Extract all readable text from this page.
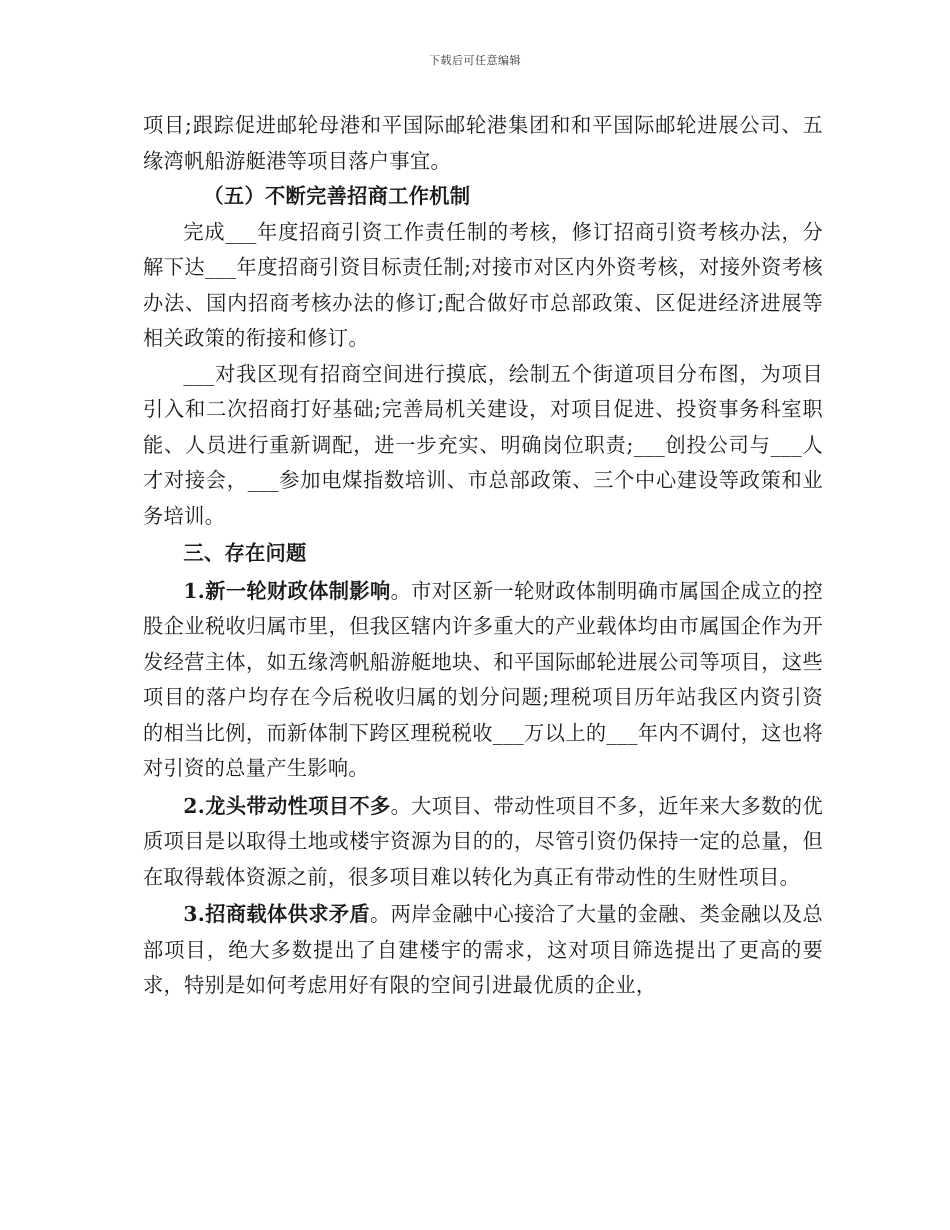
下载后可任意编辑

项目;跟踪促进邮轮母港和平国际邮轮港集团和和平国际邮轮进展公司、五缘湾帆船游艇港等项目落户事宜。

（五）不断完善招商工作机制

完成___年度招商引资工作责任制的考核，修订招商引资考核办法，分解下达___年度招商引资目标责任制;对接市对区内外资考核，对接外资考核办法、国内招商考核办法的修订;配合做好市总部政策、区促进经济进展等相关政策的衔接和修订。

___对我区现有招商空间进行摸底，绘制五个街道项目分布图，为项目引入和二次招商打好基础;完善局机关建设，对项目促进、投资事务科室职能、人员进行重新调配，进一步充实、明确岗位职责;___创投公司与___人才对接会，___参加电煤指数培训、市总部政策、三个中心建设等政策和业务培训。

三、存在问题

1.新一轮财政体制影响。市对区新一轮财政体制明确市属国企成立的控股企业税收归属市里，但我区辖内许多重大的产业载体均由市属国企作为开发经营主体，如五缘湾帆船游艇地块、和平国际邮轮进展公司等项目，这些项目的落户均存在今后税收归属的划分问题;理税项目历年站我区内资引资的相当比例，而新体制下跨区理税税收___万以上的___年内不调付，这也将对引资的总量产生影响。

2.龙头带动性项目不多。大项目、带动性项目不多，近年来大多数的优质项目是以取得土地或楼宇资源为目的的，尽管引资仍保持一定的总量，但在取得载体资源之前，很多项目难以转化为真正有带动性的生财性项目。

3.招商载体供求矛盾。两岸金融中心接洽了大量的金融、类金融以及总部项目，绝大多数提出了自建楼宇的需求，这对项目筛选提出了更高的要求，特别是如何考虑用好有限的空间引进最优质的企业，
